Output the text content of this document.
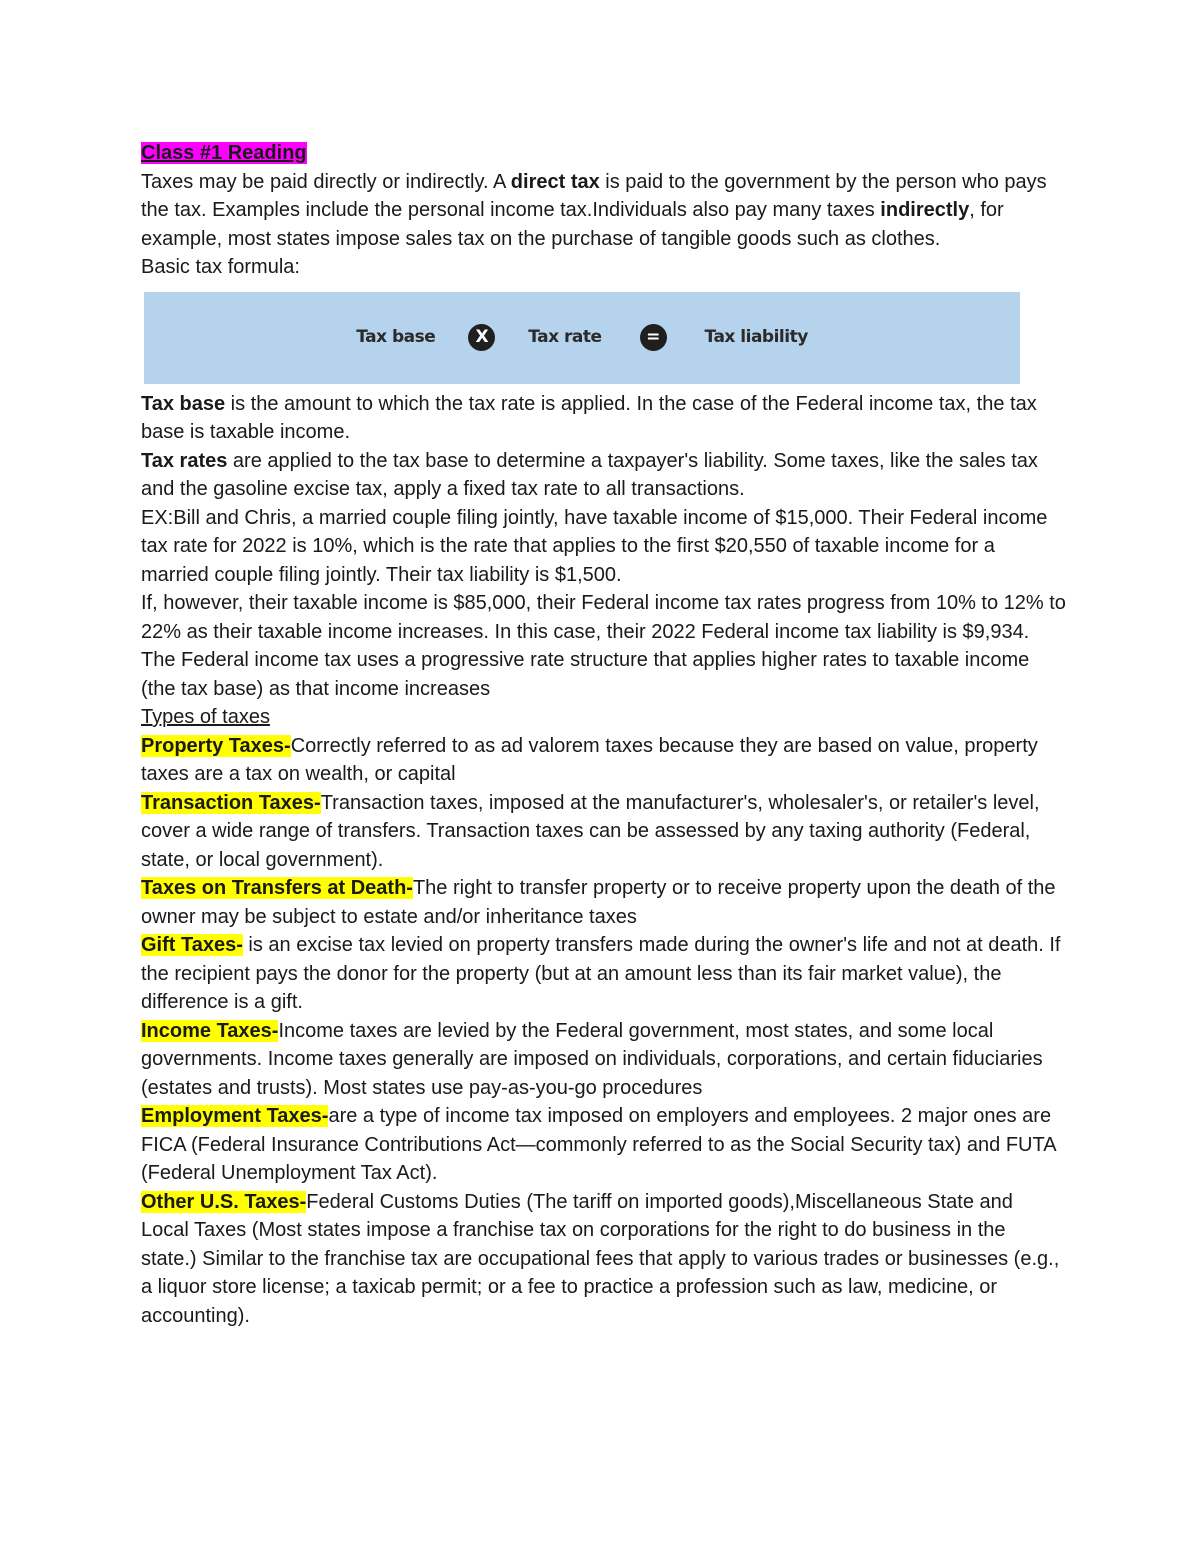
Class #1 Reading

Taxes may be paid directly or indirectly. A direct tax is paid to the government by the person who pays the tax. Examples include the personal income tax.Individuals also pay many taxes indirectly, for example, most states impose sales tax on the purchase of tangible goods such as clothes.

Basic tax formula:

Tax base	X	Tax rate	=	Tax liability

Tax base is the amount to which the tax rate is applied. In the case of the Federal income tax, the tax base is taxable income.

Tax rates are applied to the tax base to determine a taxpayer's liability. Some taxes, like the sales tax and the gasoline excise tax, apply a fixed tax rate to all transactions.

EX:Bill and Chris, a married couple filing jointly, have taxable income of $15,000. Their Federal income tax rate for 2022 is 10%, which is the rate that applies to the first $20,550 of taxable income for a married couple filing jointly. Their tax liability is $1,500.

If, however, their taxable income is $85,000, their Federal income tax rates progress from 10% to 12% to 22% as their taxable income increases. In this case, their 2022 Federal income tax liability is $9,934. The Federal income tax uses a progressive rate structure that applies higher rates to taxable income (the tax base) as that income increases

Types of taxes

Property Taxes-Correctly referred to as ad valorem taxes because they are based on value, property taxes are a tax on wealth, or capital

Transaction Taxes-Transaction taxes, imposed at the manufacturer's, wholesaler's, or retailer's level, cover a wide range of transfers. Transaction taxes can be assessed by any taxing authority (Federal, state, or local government).

Taxes on Transfers at Death-The right to transfer property or to receive property upon the death of the owner may be subject to estate and/or inheritance taxes

Gift Taxes- is an excise tax levied on property transfers made during the owner's life and not at death. If the recipient pays the donor for the property (but at an amount less than its fair market value), the difference is a gift.

Income Taxes-Income taxes are levied by the Federal government, most states, and some local governments. Income taxes generally are imposed on individuals, corporations, and certain fiduciaries (estates and trusts). Most states use pay-as-you-go procedures

Employment Taxes-are a type of income tax imposed on employers and employees. 2 major ones are FICA (Federal Insurance Contributions Act—commonly referred to as the Social Security tax) and FUTA (Federal Unemployment Tax Act).

Other U.S. Taxes-Federal Customs Duties (The tariff on imported goods),Miscellaneous State and Local Taxes (Most states impose a franchise tax on corporations for the right to do business in the state.) Similar to the franchise tax are occupational fees that apply to various trades or businesses (e.g., a liquor store license; a taxicab permit; or a fee to practice a profession such as law, medicine, or accounting).
